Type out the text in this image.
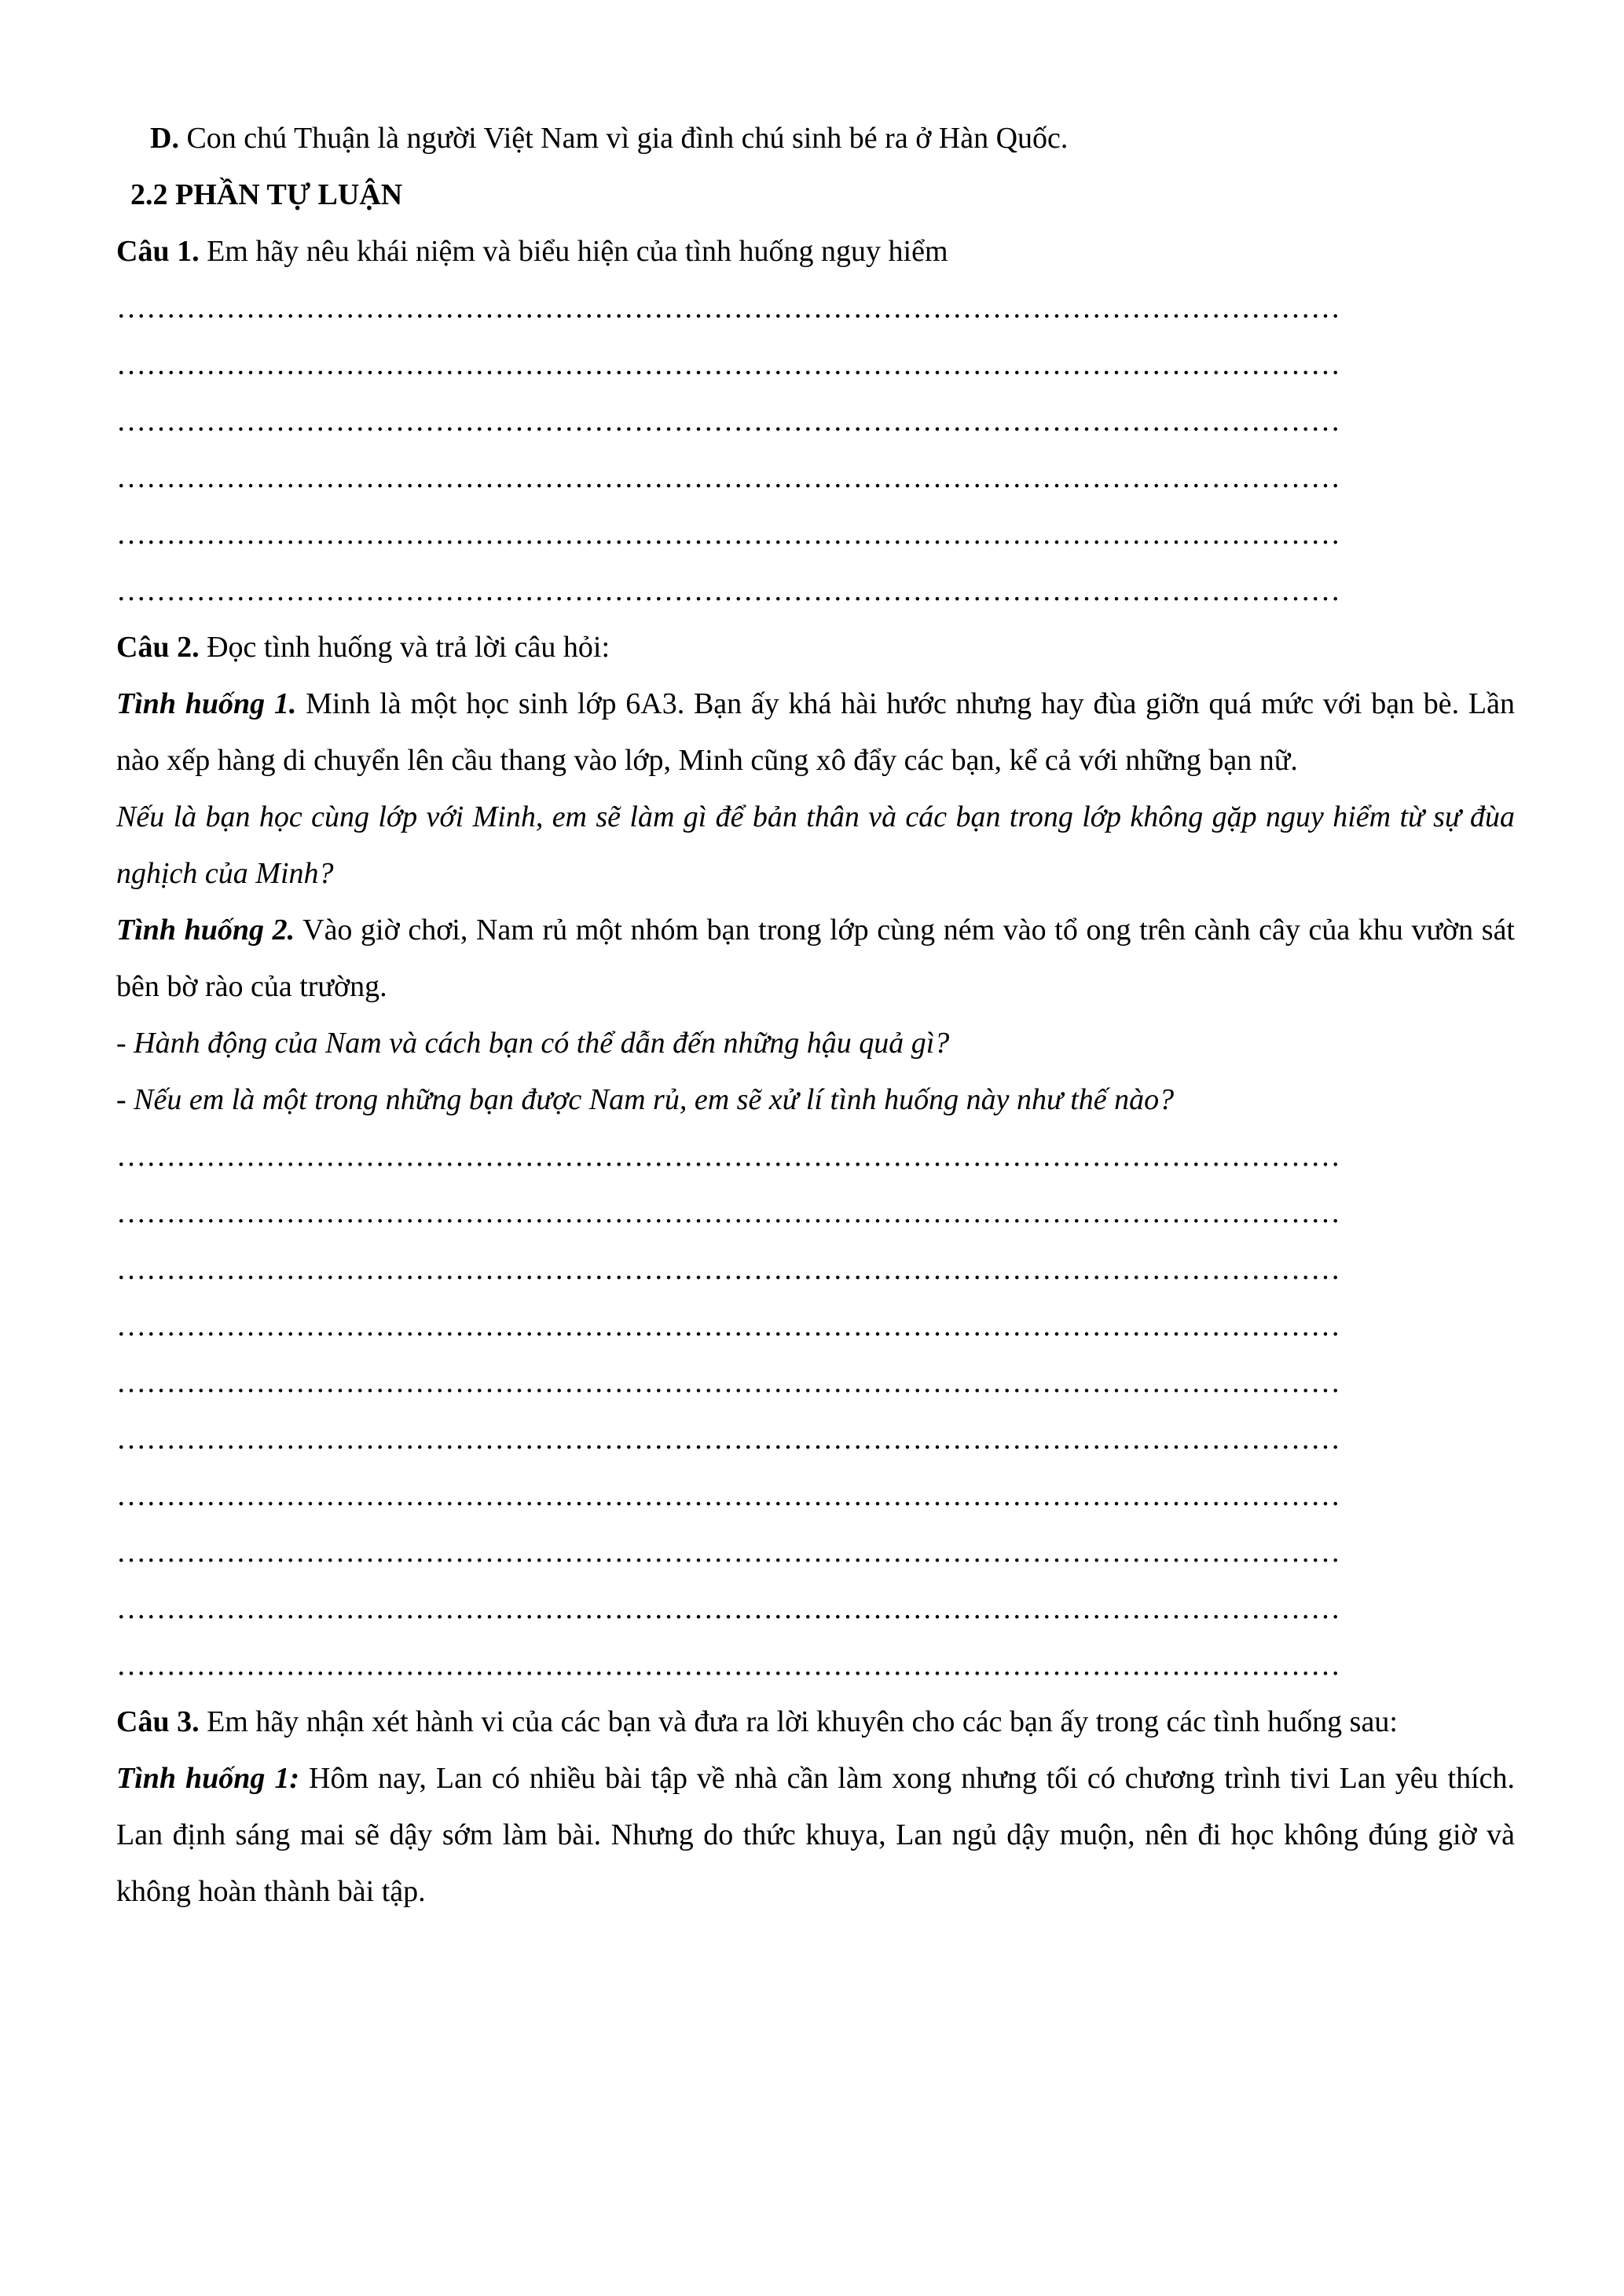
D. Con chú Thuận là người Việt Nam vì gia đình chú sinh bé ra ở Hàn Quốc.

2.2 PHẦN TỰ LUẬN

Câu 1. Em hãy nêu khái niệm và biểu hiện của tình huống nguy hiểm

……………………………………………………………………………………………………………

……………………………………………………………………………………………………………

……………………………………………………………………………………………………………

……………………………………………………………………………………………………………

……………………………………………………………………………………………………………

……………………………………………………………………………………………………………

Câu 2. Đọc tình huống và trả lời câu hỏi:

Tình huống 1. Minh là một học sinh lớp 6A3. Bạn ấy khá hài hước nhưng hay đùa giỡn quá mức với bạn bè. Lần nào xếp hàng di chuyển lên cầu thang vào lớp, Minh cũng xô đẩy các bạn, kể cả với những bạn nữ.

Nếu là bạn học cùng lớp với Minh, em sẽ làm gì để bản thân và các bạn trong lớp không gặp nguy hiểm từ sự đùa nghịch của Minh?

Tình huống 2. Vào giờ chơi, Nam rủ một nhóm bạn trong lớp cùng ném vào tổ ong trên cành cây của khu vườn sát bên bờ rào của trường.

- Hành động của Nam và cách bạn có thể dẫn đến những hậu quả gì?

- Nếu em là một trong những bạn được Nam rủ, em sẽ xử lí tình huống này như thế nào?

……………………………………………………………………………………………………………

……………………………………………………………………………………………………………

……………………………………………………………………………………………………………

……………………………………………………………………………………………………………

……………………………………………………………………………………………………………

……………………………………………………………………………………………………………

……………………………………………………………………………………………………………

……………………………………………………………………………………………………………

……………………………………………………………………………………………………………

……………………………………………………………………………………………………………

Câu 3. Em hãy nhận xét hành vi của các bạn và đưa ra lời khuyên cho các bạn ấy trong các tình huống sau:

Tình huống 1: Hôm nay, Lan có nhiều bài tập về nhà cần làm xong nhưng tối có chương trình tivi Lan yêu thích. Lan định sáng mai sẽ dậy sớm làm bài. Nhưng do thức khuya, Lan ngủ dậy muộn, nên đi học không đúng giờ và không hoàn thành bài tập.
